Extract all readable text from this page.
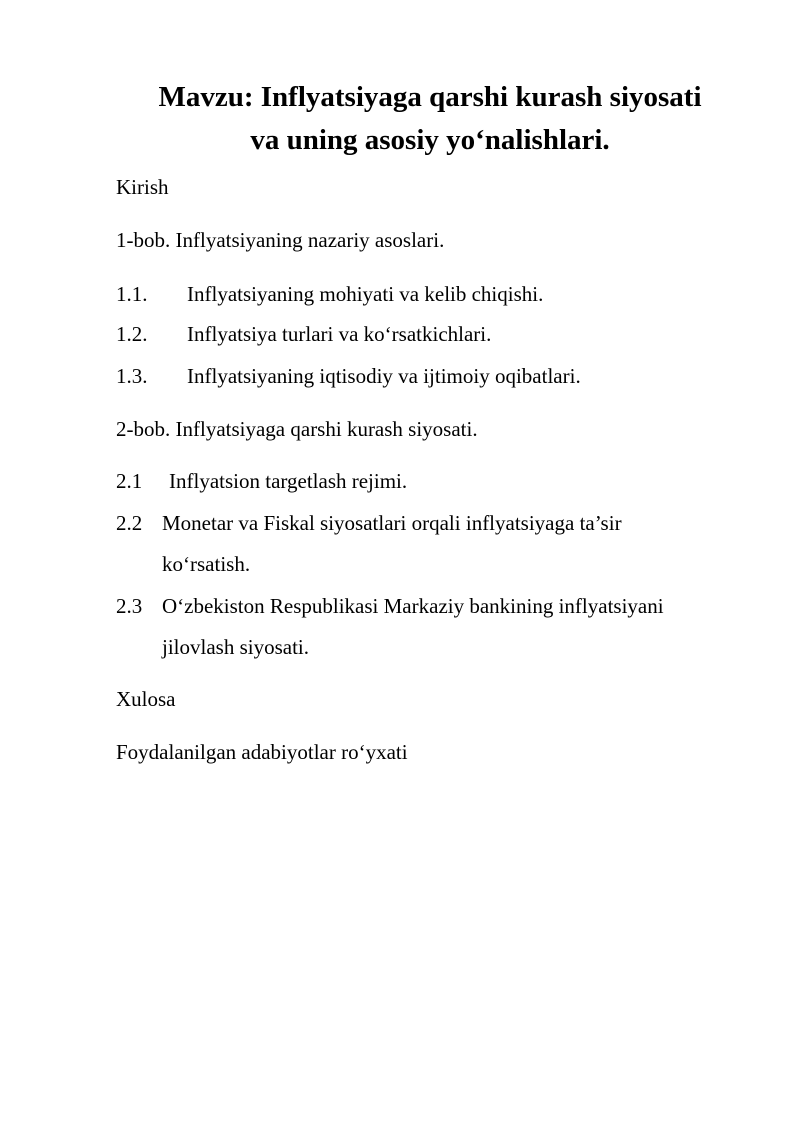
Mavzu: Inflyatsiyaga qarshi kurash siyosati
va uning asosiy yo‘nalishlari.
Kirish
1-bob. Inflyatsiyaning nazariy asoslari.
1.1. Inflyatsiyaning mohiyati va kelib chiqishi.
1.2. Inflyatsiya turlari va ko‘rsatkichlari.
1.3. Inflyatsiyaning iqtisodiy va ijtimoiy oqibatlari.
2-bob. Inflyatsiyaga qarshi kurash siyosati.
2.1 Inflyatsion targetlash rejimi.
2.2 Monetar va Fiskal siyosatlari orqali inflyatsiyaga ta’sir
ko‘rsatish.
2.3 O‘zbekiston Respublikasi Markaziy bankining inflyatsiyani
jilovlash siyosati.
Xulosa
Foydalanilgan adabiyotlar ro‘yxati
